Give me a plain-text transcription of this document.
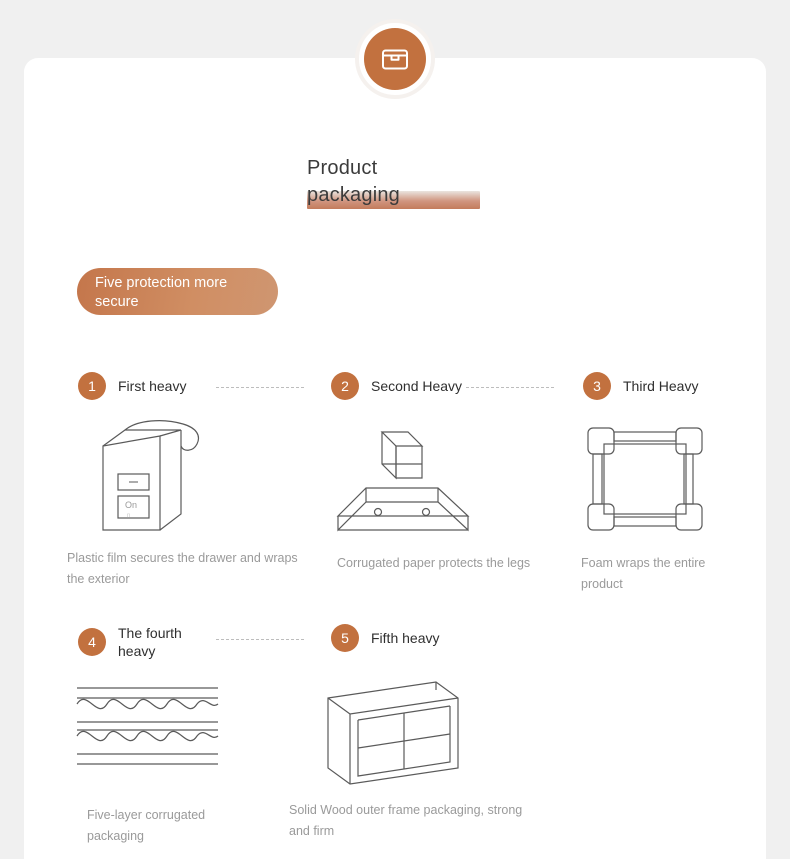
Product packaging
Five protection more secure
1	First heavy
On
n
Plastic film secures the drawer and wraps the exterior
2	Second Heavy
Corrugated paper protects the legs
3	Third Heavy
Foam wraps the entire product
4
The fourth heavy
Five-layer corrugated packaging
5	Fifth heavy
Solid Wood outer frame packaging, strong and firm
